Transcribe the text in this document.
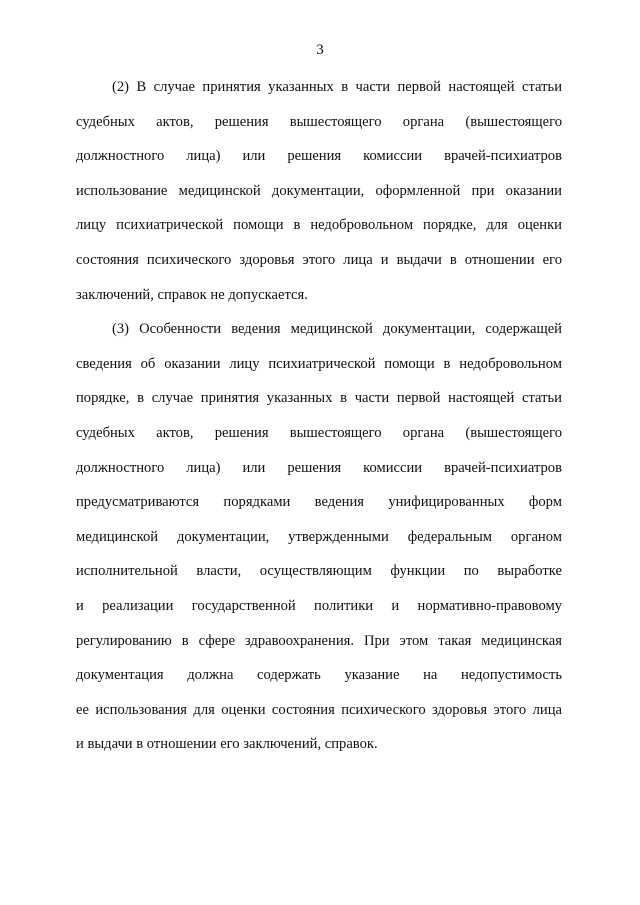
3
(2) В случае принятия указанных в части первой настоящей статьи
судебных актов, решения вышестоящего органа (вышестоящего
должностного лица) или решения комиссии врачей-психиатров
использование медицинской документации, оформленной при оказании
лицу психиатрической помощи в недобровольном порядке, для оценки
состояния психического здоровья этого лица и выдачи в отношении его
заключений, справок не допускается.
(3) Особенности ведения медицинской документации, содержащей
сведения об оказании лицу психиатрической помощи в недобровольном
порядке, в случае принятия указанных в части первой настоящей статьи
судебных актов, решения вышестоящего органа (вышестоящего
должностного лица) или решения комиссии врачей-психиатров
предусматриваются порядками ведения унифицированных форм
медицинской документации, утвержденными федеральным органом
исполнительной власти, осуществляющим функции по выработке
и реализации государственной политики и нормативно-правовому
регулированию в сфере здравоохранения. При этом такая медицинская
документация должна содержать указание на недопустимость
ее использования для оценки состояния психического здоровья этого лица
и выдачи в отношении его заключений, справок.
